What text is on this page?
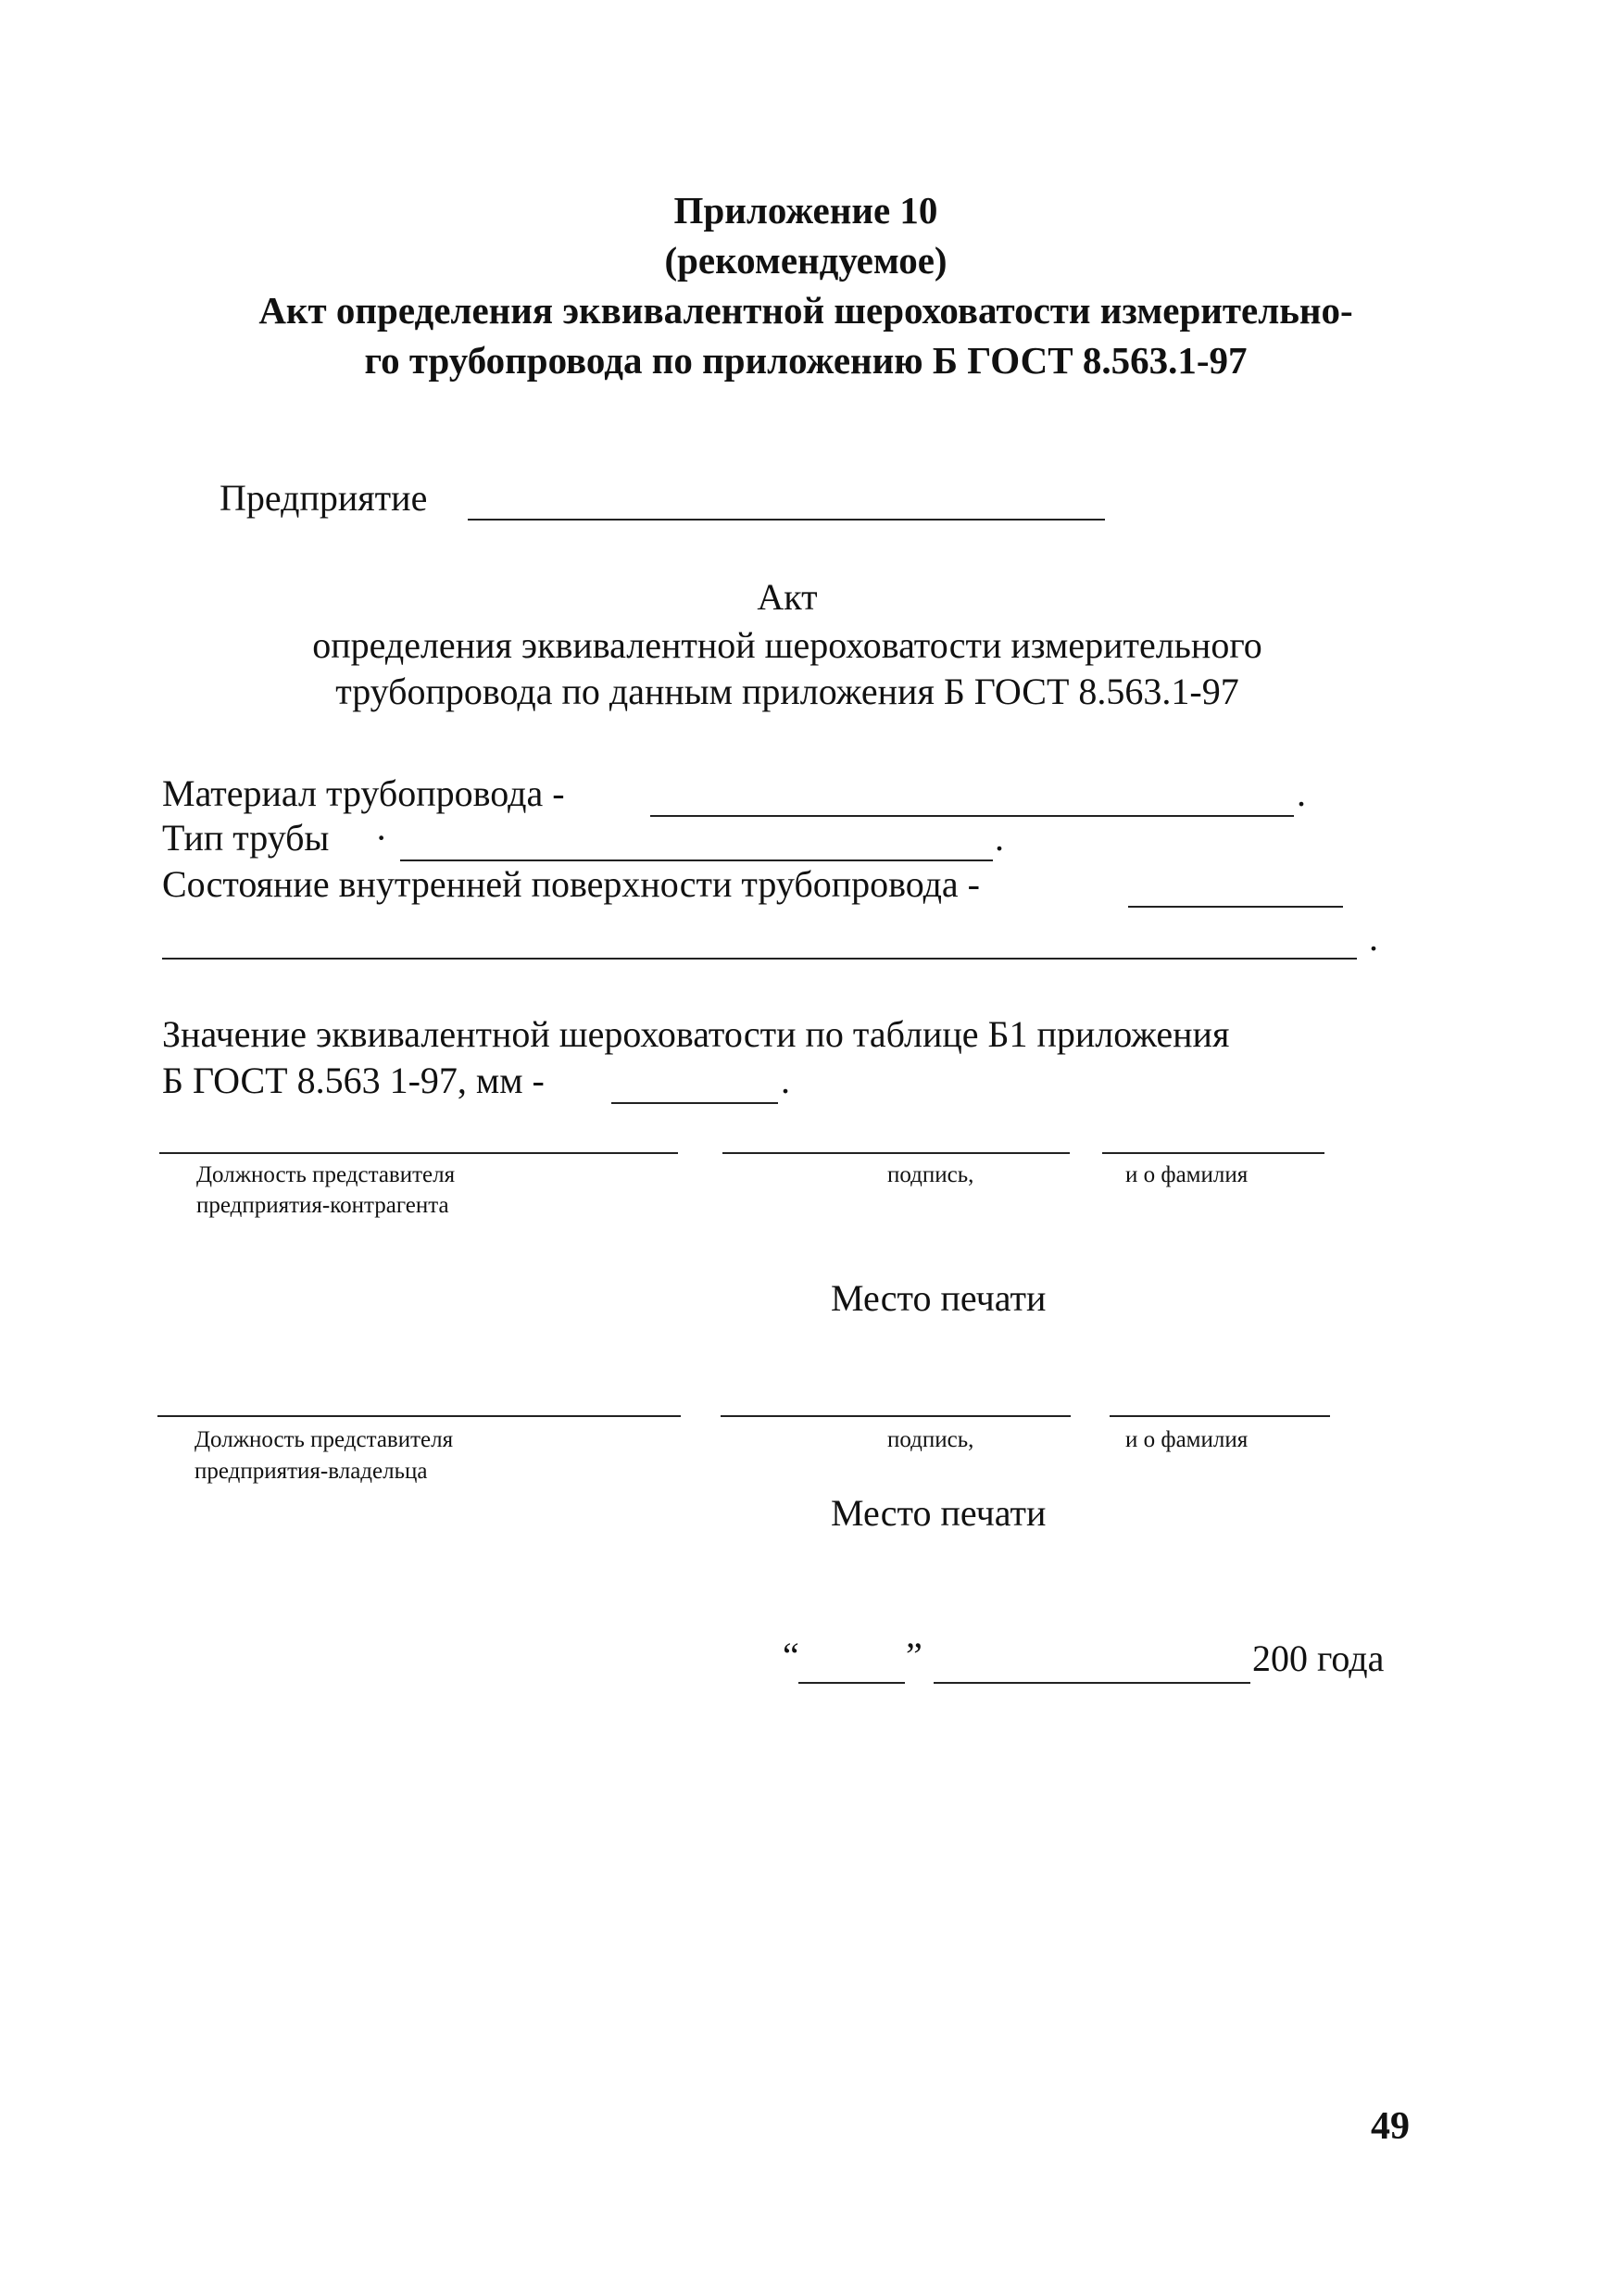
Приложение 10
(рекомендуемое)
Акт определения эквивалентной шероховатости измерительно-
го трубопровода по приложению Б ГОСТ 8.563.1-97
Предприятие
Акт
определения эквивалентной шероховатости измерительного
трубопровода по данным приложения Б ГОСТ 8.563.1-97
Материал трубопровода -	.
Тип трубы ·	.
Состояние внутренней поверхности трубопровода -
.
Значение эквивалентной шероховатости по таблице Б1 приложения
Б ГОСТ 8.563 1-97, мм -	.
Должность представителя
предприятия-контрагента
подпись,	и о фамилия
Место печати
Должность представителя
предприятия-владельца
подпись,	и о фамилия
Место печати
“	”	200 года
49
